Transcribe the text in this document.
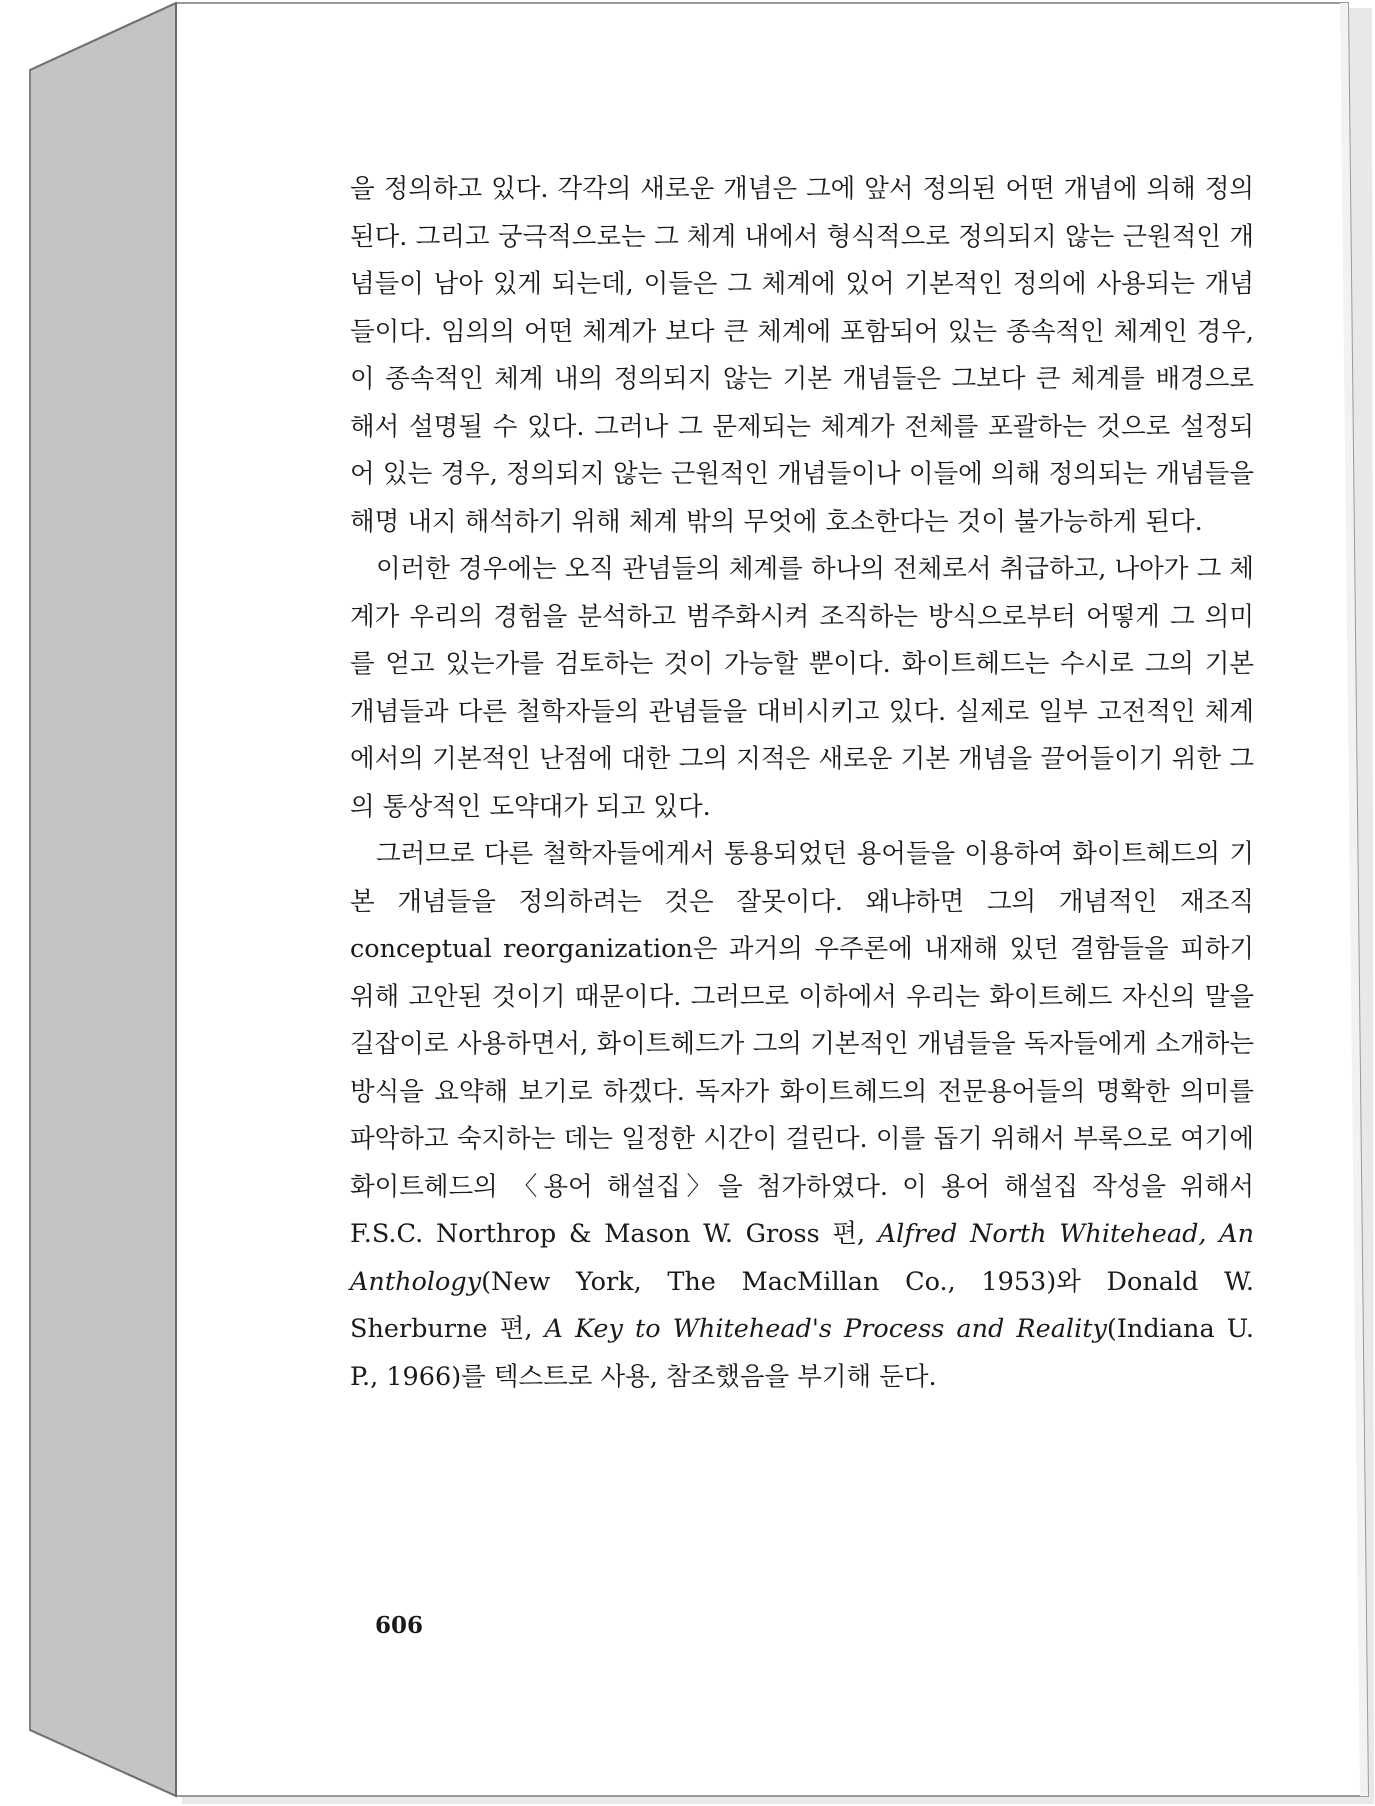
을 정의하고 있다. 각각의 새로운 개념은 그에 앞서 정의된 어떤 개념에 의해 정의된다. 그리고 궁극적으로는 그 체계 내에서 형식적으로 정의되지 않는 근원적인 개념들이 남아 있게 되는데, 이들은 그 체계에 있어 기본적인 정의에 사용되는 개념들이다. 임의의 어떤 체계가 보다 큰 체계에 포함되어 있는 종속적인 체계인 경우, 이 종속적인 체계 내의 정의되지 않는 기본 개념들은 그보다 큰 체계를 배경으로 해서 설명될 수 있다. 그러나 그 문제되는 체계가 전체를 포괄하는 것으로 설정되어 있는 경우, 정의되지 않는 근원적인 개념들이나 이들에 의해 정의되는 개념들을 해명 내지 해석하기 위해 체계 밖의 무엇에 호소한다는 것이 불가능하게 된다.

이러한 경우에는 오직 관념들의 체계를 하나의 전체로서 취급하고, 나아가 그 체계가 우리의 경험을 분석하고 범주화시켜 조직하는 방식으로부터 어떻게 그 의미를 얻고 있는가를 검토하는 것이 가능할 뿐이다. 화이트헤드는 수시로 그의 기본 개념들과 다른 철학자들의 관념들을 대비시키고 있다. 실제로 일부 고전적인 체계에서의 기본적인 난점에 대한 그의 지적은 새로운 기본 개념을 끌어들이기 위한 그의 통상적인 도약대가 되고 있다.

그러므로 다른 철학자들에게서 통용되었던 용어들을 이용하여 화이트헤드의 기본 개념들을 정의하려는 것은 잘못이다. 왜냐하면 그의 개념적인 재조직 conceptual reorganization은 과거의 우주론에 내재해 있던 결함들을 피하기 위해 고안된 것이기 때문이다. 그러므로 이하에서 우리는 화이트헤드 자신의 말을 길잡이로 사용하면서, 화이트헤드가 그의 기본적인 개념들을 독자들에게 소개하는 방식을 요약해 보기로 하겠다. 독자가 화이트헤드의 전문용어들의 명확한 의미를 파악하고 숙지하는 데는 일정한 시간이 걸린다. 이를 돕기 위해서 부록으로 여기에 화이트헤드의 〈용어 해설집〉을 첨가하였다. 이 용어 해설집 작성을 위해서 F.S.C. Northrop & Mason W. Gross 편, Alfred North Whitehead, An Anthology(New York, The MacMillan Co., 1953)와 Donald W. Sherburne 편, A Key to Whitehead's Process and Reality(Indiana U. P., 1966)를 텍스트로 사용, 참조했음을 부기해 둔다.

606
